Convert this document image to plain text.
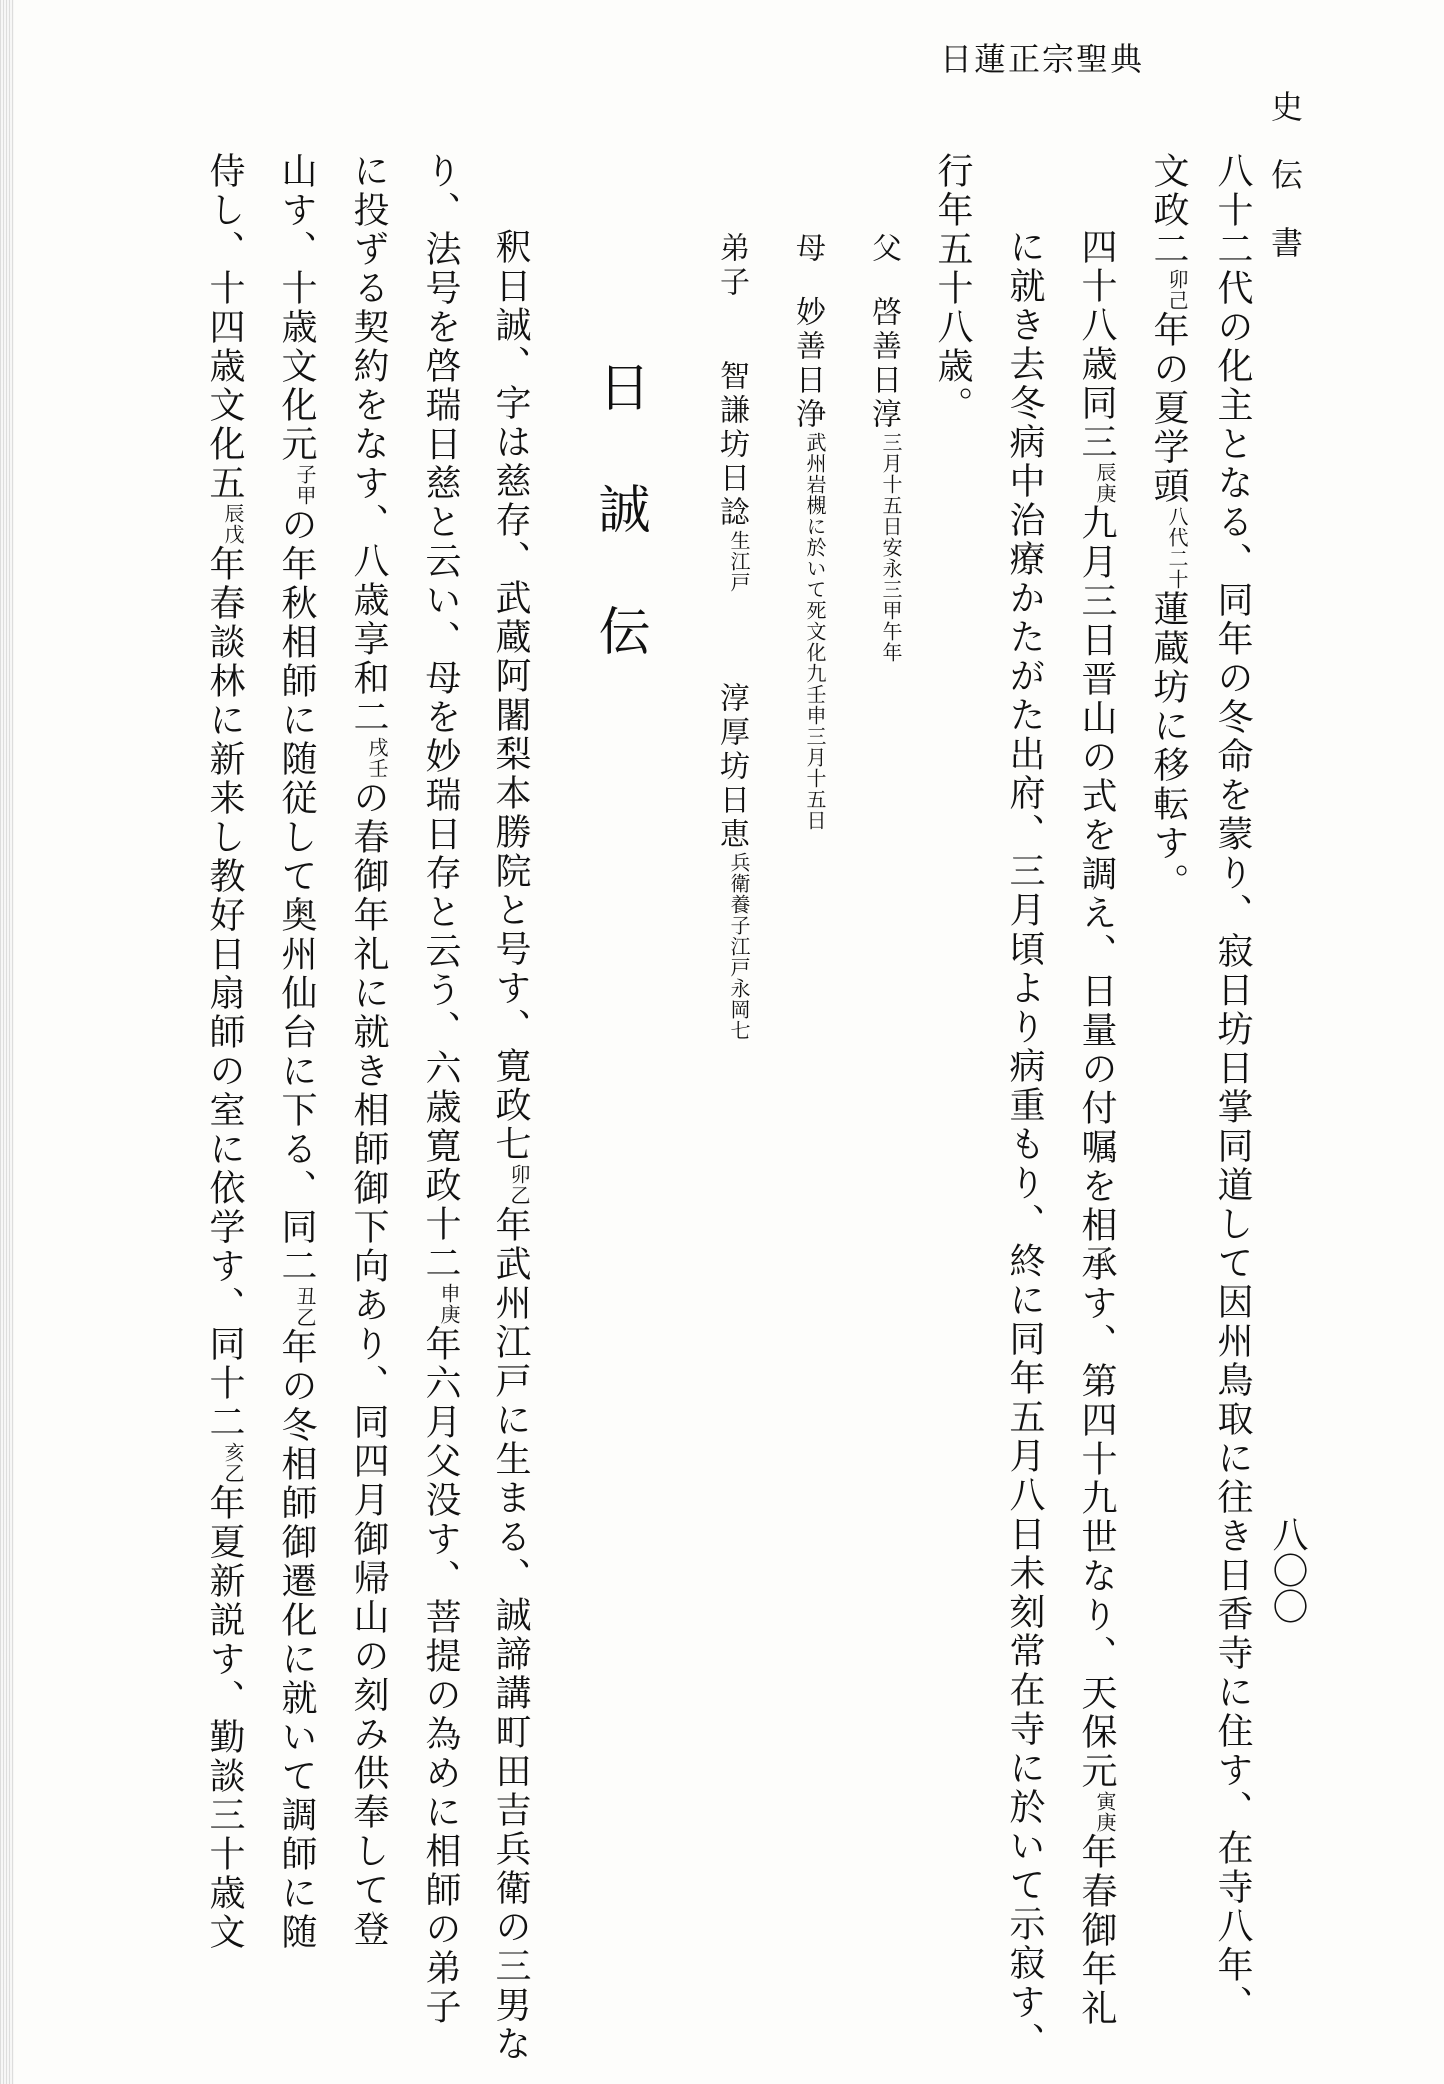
日蓮正宗聖典
史伝書
八〇〇
八十二代の化主となる、同年の冬命を蒙り、寂日坊日掌同道して因州鳥取に往き日香寺に住す、在寺八年、
文政二
己
卯
年の夏学頭
二十
八代
蓮蔵坊に移転す。
四十八歳同三
庚
辰
九月三日晋山の式を調え、日量の付嘱を相承す、第四十九世なり、天保元
庚
寅
年春御年礼
に就き去冬病中治療かたがた出府、三月頃より病重もり、終に同年五月八日未刻常在寺に於いて示寂す、
行年五十八歳。
父
啓善日淳
安永三甲午年
三月十五日
母
妙善日浄
文化九壬申三月十五日
武州岩槻に於いて死
弟子
智謙坊日諗
江戸
生
淳厚坊日恵
江戸永岡七
兵衛養子
日誠伝
釈日誠、字は慈存、武蔵阿闍梨本勝院と号す、寛政七
乙
卯
年武州江戸に生まる、誠諦講町田吉兵衛の三男な
り、法号を啓瑞日慈と云い、母を妙瑞日存と云う、六歳寛政十二
庚
申
年六月父没す、菩提の為めに相師の弟子
に投ずる契約をなす、八歳享和二
壬
戌
の春御年礼に就き相師御下向あり、同四月御帰山の刻み供奉して登
山す、十歳文化元
甲
子
の年秋相師に随従して奥州仙台に下る、同二
乙
丑
年の冬相師御遷化に就いて調師に随
侍し、十四歳文化五
戊
辰
年春談林に新来し教好日扇師の室に依学す、同十二
乙
亥
年夏新説す、勤談三十歳文
